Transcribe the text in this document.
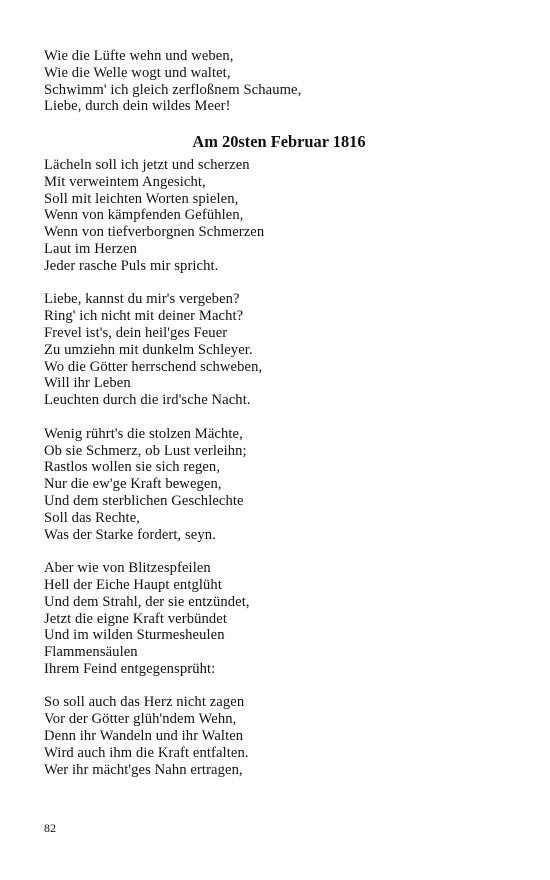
Wie die Lüfte wehn und weben,
Wie die Welle wogt und waltet,
Schwimm' ich gleich zerfloßnem Schaume,
Liebe, durch dein wildes Meer!
Am 20sten Februar 1816
Lächeln soll ich jetzt und scherzen
Mit verweintem Angesicht,
Soll mit leichten Worten spielen,
Wenn von kämpfenden Gefühlen,
Wenn von tiefverborgnen Schmerzen
Laut im Herzen
Jeder rasche Puls mir spricht.
Liebe, kannst du mir's vergeben?
Ring' ich nicht mit deiner Macht?
Frevel ist's, dein heil'ges Feuer
Zu umziehn mit dunkelm Schleyer.
Wo die Götter herrschend schweben,
Will ihr Leben
Leuchten durch die ird'sche Nacht.
Wenig rührt's die stolzen Mächte,
Ob sie Schmerz, ob Lust verleihn;
Rastlos wollen sie sich regen,
Nur die ew'ge Kraft bewegen,
Und dem sterblichen Geschlechte
Soll das Rechte,
Was der Starke fordert, seyn.
Aber wie von Blitzespfeilen
Hell der Eiche Haupt entglüht
Und dem Strahl, der sie entzündet,
Jetzt die eigne Kraft verbündet
Und im wilden Sturmesheulen
Flammensäulen
Ihrem Feind entgegensprüht:
So soll auch das Herz nicht zagen
Vor der Götter glüh'ndem Wehn,
Denn ihr Wandeln und ihr Walten
Wird auch ihm die Kraft entfalten.
Wer ihr mächt'ges Nahn ertragen,
82
